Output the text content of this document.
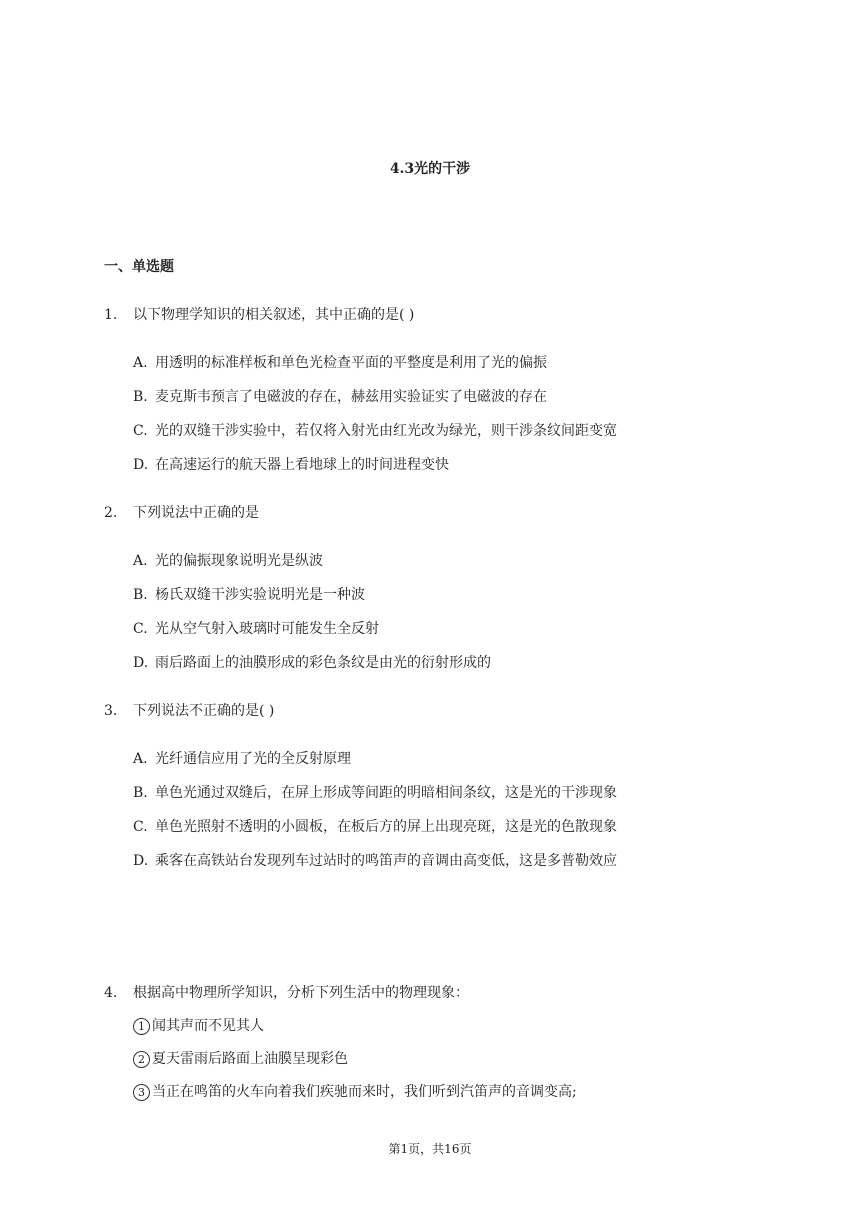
4.3光的干涉
一、单选题
1. 以下物理学知识的相关叙述，其中正确的是( )
A. 用透明的标准样板和单色光检查平面的平整度是利用了光的偏振
B. 麦克斯韦预言了电磁波的存在，赫兹用实验证实了电磁波的存在
C. 光的双缝干涉实验中，若仅将入射光由红光改为绿光，则干涉条纹间距变宽
D. 在高速运行的航天器上看地球上的时间进程变快
2. 下列说法中正确的是
A. 光的偏振现象说明光是纵波
B. 杨氏双缝干涉实验说明光是一种波
C. 光从空气射入玻璃时可能发生全反射
D. 雨后路面上的油膜形成的彩色条纹是由光的衍射形成的
3. 下列说法不正确的是( )
A. 光纤通信应用了光的全反射原理
B. 单色光通过双缝后，在屏上形成等间距的明暗相间条纹，这是光的干涉现象
C. 单色光照射不透明的小圆板，在板后方的屏上出现亮斑，这是光的色散现象
D. 乘客在高铁站台发现列车过站时的鸣笛声的音调由高变低，这是多普勒效应
4. 根据高中物理所学知识，分析下列生活中的物理现象：
1 闻其声而不见其人
2 夏天雷雨后路面上油膜呈现彩色
3 当正在鸣笛的火车向着我们疾驰而来时，我们听到汽笛声的音调变高;
第1页，共16页
